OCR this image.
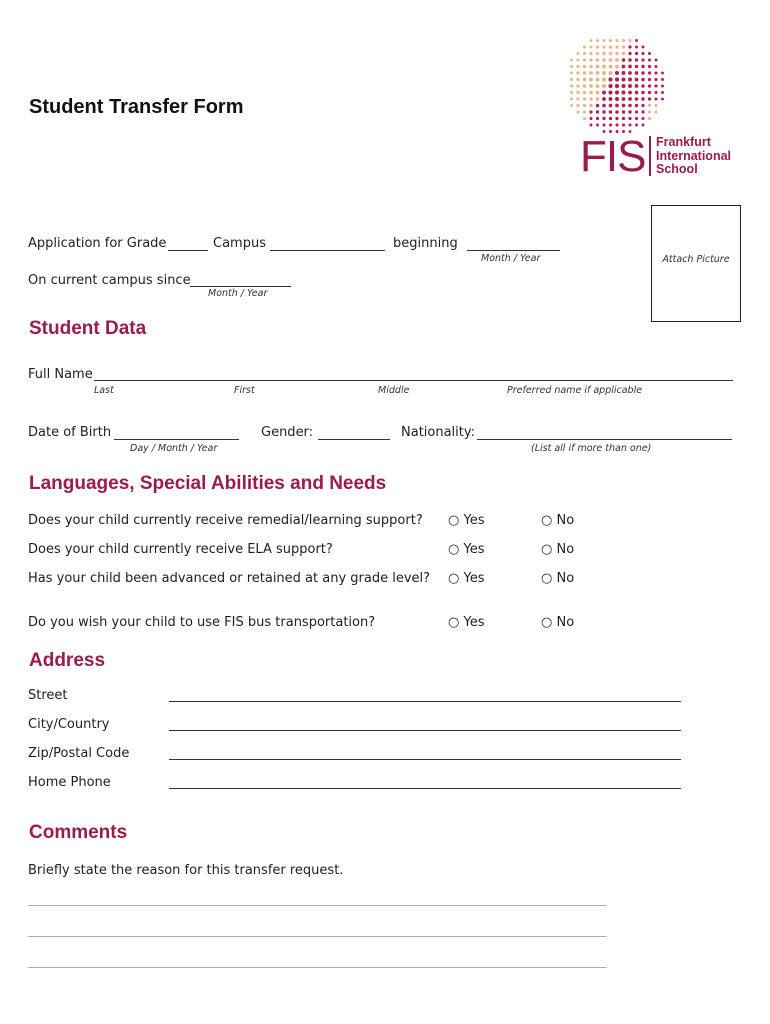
Student Transfer Form
FIS Frankfurt
International
School
Attach Picture
Application for Grade	Campus	beginning
Month / Year
On current campus since
Month / Year
Student Data
Full Name
Last	First	Middle	Preferred name if applicable
Date of Birth
Day / Month / Year
Gender:	Nationality:
(List all if more than one)
Languages, Special Abilities and Needs
Does your child currently receive remedial/learning support? ○ Yes	○ No
Does your child currently receive ELA support?	○ Yes	○ No
Has your child been advanced or retained at any grade level? ○ Yes	○ No
Do you wish your child to use FIS bus transportation?	○ Yes	○ No
Address
Street
City/Country
Zip/Postal Code
Home Phone
Comments
Briefly state the reason for this transfer request.
________________________________________________________________________________________________
________________________________________________________________________________________________
________________________________________________________________________________________________
